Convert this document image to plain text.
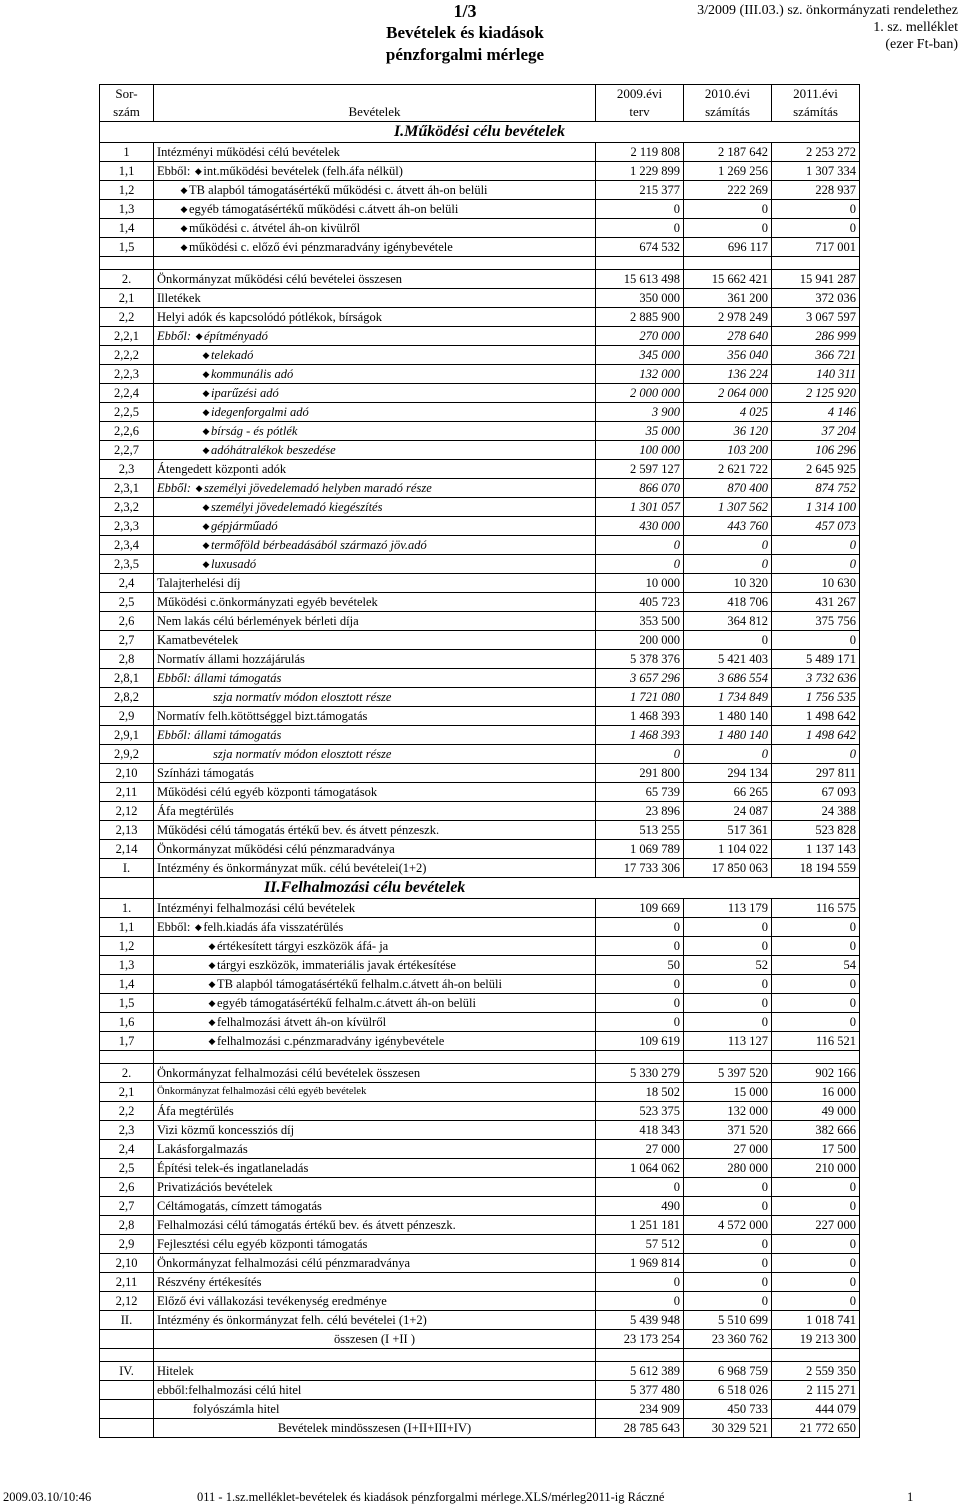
1/3
Bevételek és kiadások
pénzforgalmi mérlege
3/2009 (III.03.) sz. önkormányzati rendelethez
1. sz. melléklet
(ezer Ft-ban)
Sor-		2009.évi	2010.évi	2011.évi
szám	Bevételek	terv	számítás	számítás
I.Működési célu bevételek				
1	Intézményi működési célú bevételek	2 119 808	2 187 642	2 253 272
1,1	Ebből: ◆ int.működési bevételek (felh.áfa nélkül)	1 229 899	1 269 256	1 307 334
1,2	◆ TB alapból támogatásértékű működési c. átvett áh-on belüli	215 377	222 269	228 937
1,3	◆ egyéb támogatásértékű működési c.átvett áh-on belüli	0	0	0
1,4	◆ működési c. átvétel áh-on kivülről	0	0	0
1,5	◆ működési c. előző évi pénzmaradvány igénybevétele	674 532	696 117	717 001

2.	Önkormányzat működési célú bevételei összesen	15 613 498	15 662 421	15 941 287
2,1	Illetékek	350 000	361 200	372 036
2,2	Helyi adók és kapcsolódó pótlékok, bírságok	2 885 900	2 978 249	3 067 597
2,2,1	Ebből: ◆ építményadó	270 000	278 640	286 999
2,2,2	◆ telekadó	345 000	356 040	366 721
2,2,3	◆ kommunális adó	132 000	136 224	140 311
2,2,4	◆ iparűzési adó	2 000 000	2 064 000	2 125 920
2,2,5	◆ idegenforgalmi adó	3 900	4 025	4 146
2,2,6	◆ bírság - és pótlék	35 000	36 120	37 204
2,2,7	◆ adóhátralékok beszedése	100 000	103 200	106 296
2,3	Átengedett központi adók	2 597 127	2 621 722	2 645 925
2,3,1	Ebből: ◆ személyi jövedelemadó helyben maradó része	866 070	870 400	874 752
2,3,2	◆ személyi jövedelemadó kiegészítés	1 301 057	1 307 562	1 314 100
2,3,3	◆ gépjárműadó	430 000	443 760	457 073
2,3,4	◆ termőföld bérbeadásából származó jöv.adó	0	0	0
2,3,5	◆ luxusadó	0	0	0
2,4	Talajterhelési díj	10 000	10 320	10 630
2,5	Működési c.önkormányzati egyéb bevételek	405 723	418 706	431 267
2,6	Nem lakás célú bérlemények bérleti díja	353 500	364 812	375 756
2,7	Kamatbevételek	200 000	0	0
2,8	Normatív állami hozzájárulás	5 378 376	5 421 403	5 489 171
2,8,1	Ebből: állami támogatás	3 657 296	3 686 554	3 732 636
2,8,2	szja normatív módon elosztott része	1 721 080	1 734 849	1 756 535
2,9	Normatív felh.kötöttséggel bizt.támogatás	1 468 393	1 480 140	1 498 642
2,9,1	Ebből: állami támogatás	1 468 393	1 480 140	1 498 642
2,9,2	szja normatív módon elosztott része	0	0	0
2,10	Színházi támogatás	291 800	294 134	297 811
2,11	Működési célú egyéb központi támogatások	65 739	66 265	67 093
2,12	Áfa megtérülés	23 896	24 087	24 388
2,13	Működési célú támogatás értékű bev. és átvett pénzeszk.	513 255	517 361	523 828
2,14	Önkormányzat működési célú pénzmaradványa	1 069 789	1 104 022	1 137 143
I.	Intézmény és önkormányzat műk. célú bevételei(1+2)	17 733 306	17 850 063	18 194 559
	II.Felhalmozási célu bevételek			
1.	Intézményi felhalmozási célú bevételek	109 669	113 179	116 575
1,1	Ebből: ◆ felh.kiadás áfa visszatérülés	0	0	0
1,2	◆ értékesített tárgyi eszközök áfá- ja	0	0	0
1,3	◆ tárgyi eszközök, immateriális javak értékesítése	50	52	54
1,4	◆ TB alapból támogatásértékű felhalm.c.átvett áh-on belüli	0	0	0
1,5	◆ egyéb támogatásértékű felhalm.c.átvett áh-on belüli	0	0	0
1,6	◆ felhalmozási átvett áh-on kívülről	0	0	0
1,7	◆ felhalmozási c.pénzmaradvány igénybevétele	109 619	113 127	116 521

2.	Önkormányzat felhalmozási célú bevételek összesen	5 330 279	5 397 520	902 166
2,1	Önkormányzat felhalmozási célú egyéb bevételek	18 502	15 000	16 000
2,2	Áfa megtérülés	523 375	132 000	49 000
2,3	Vizi közmű koncessziós díj	418 343	371 520	382 666
2,4	Lakásforgalmazás	27 000	27 000	17 500
2,5	Építési telek-és ingatlaneladás	1 064 062	280 000	210 000
2,6	Privatizációs bevételek	0	0	0
2,7	Céltámogatás, címzett támogatás	490	0	0
2,8	Felhalmozási célú támogatás értékű bev. és átvett pénzeszk.	1 251 181	4 572 000	227 000
2,9	Fejlesztési célu egyéb központi támogatás	57 512	0	0
2,10	Önkormányzat felhalmozási célú pénzmaradványa	1 969 814	0	0
2,11	Részvény értékesítés	0	0	0
2,12	Előző évi vállakozási tevékenység eredménye	0	0	0
II.	Intézmény és önkormányzat felh. célú bevételei (1+2)	5 439 948	5 510 699	1 018 741
	összesen (I +II )	23 173 254	23 360 762	19 213 300

IV.	Hitelek	5 612 389	6 968 759	2 559 350
	ebből:felhalmozási célú hitel	5 377 480	6 518 026	2 115 271
	folyószámla hitel	234 909	450 733	444 079
	Bevételek mindösszesen (I+II+III+IV)	28 785 643	30 329 521	21 772 650
2009.03.10/10:46	011 - 1.sz.melléklet-bevételek és kiadások pénzforgalmi mérlege.XLS/mérleg2011-ig Ráczné	1
